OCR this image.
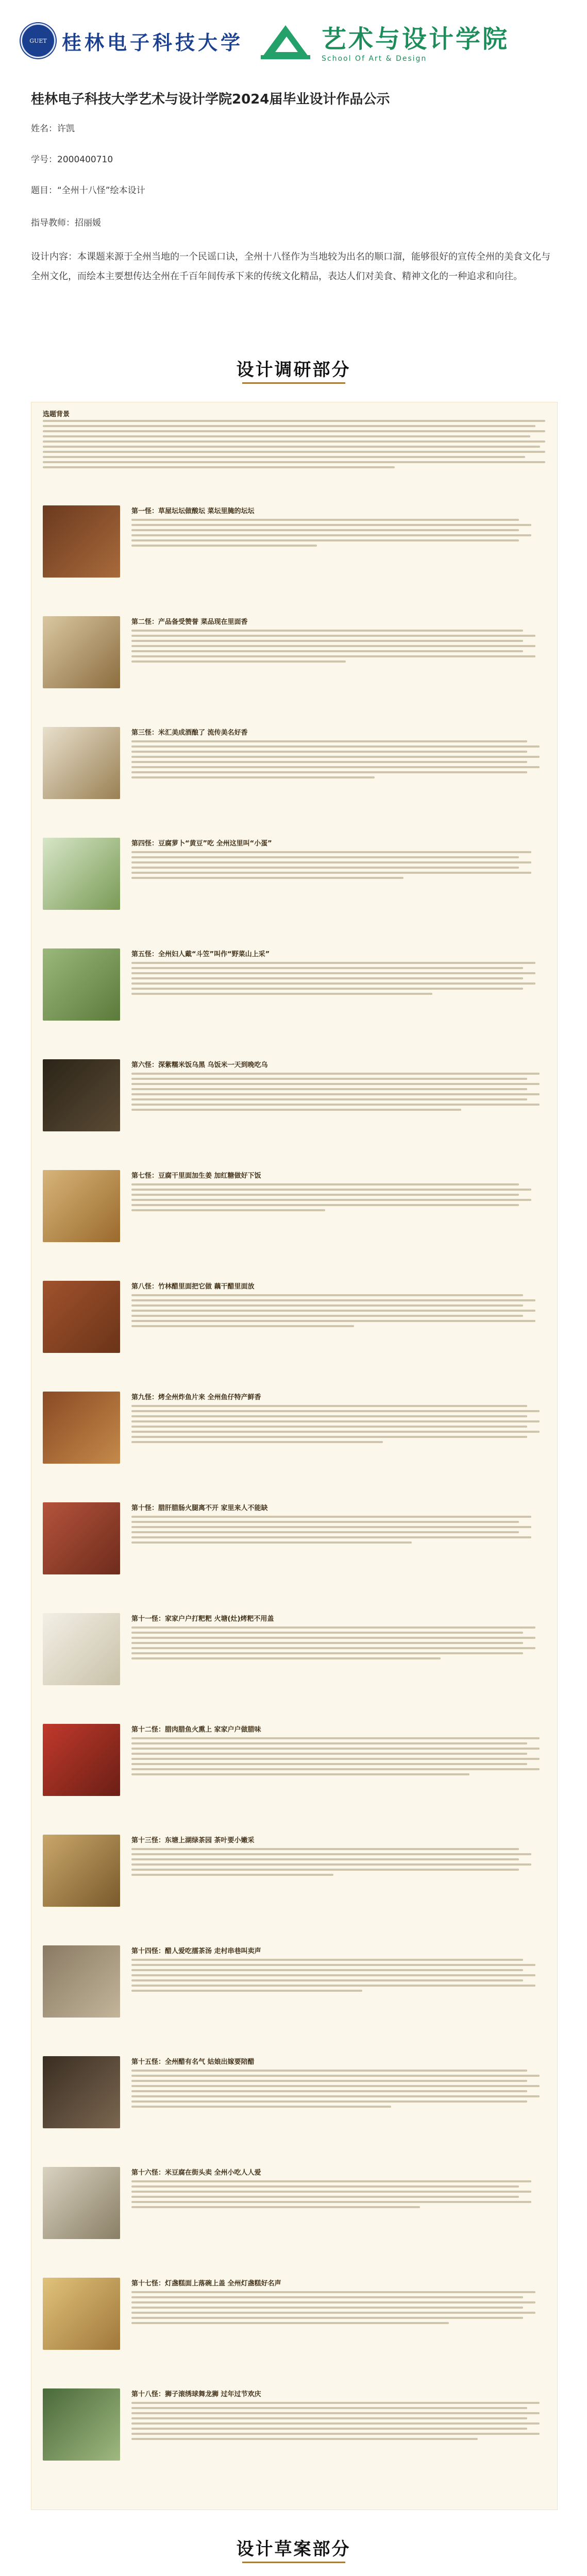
GUET 桂林电子科技大学	艺术与设计学院
School Of Art & Design
桂林电子科技大学艺术与设计学院2024届毕业设计作品公示
姓名：许凯
学号：2000400710
题目：“全州十八怪”绘本设计
指导教师：招丽媛
设计内容：本课题来源于全州当地的一个民谣口诀，全州十八怪作为当地较为出名的顺口溜，能够很好的宣传全州的美食文化与全州文化，而绘本主要想传达全州在千百年间传承下来的传统文化精品，表达人们对美食、精神文化的一种追求和向往。
设计调研部分
选题背景
第一怪：草屋坛坛做酸坛 菜坛里腌的坛坛
第二怪：产品备受赞誉 菜品现在里面香
第三怪：米汇美成酒酿了 流传美名好香
第四怪：豆腐萝卜“黄豆”吃 全州这里叫“小蛋”
第五怪：全州妇人戴“斗笠”叫作“野菜山上采”
第六怪：深紫糯米饭乌黑 乌饭米一天到晚吃乌
第七怪：豆腐干里面加生姜 加红糖做好下饭
第八怪：竹林醋里面把它做 藕干醋里面放
第九怪：烤全州炸鱼片来 全州鱼仔特产鲜香
第十怪：腊肝腊肠火腿离不开 家里来人不能缺
第十一怪：家家户户打粑粑 火塘(灶)烤粑不用盖
第十二怪：腊肉腊鱼火熏上 家家户户做腊味
第十三怪：东塘上湖绿茶园 茶叶要小嫩采
第十四怪：醋人爱吃擂茶汤 走村串巷叫卖声
第十五怪：全州醋有名气 姑娘出嫁要陪醋
第十六怪：米豆腐在街头卖 全州小吃人人爱
第十七怪：灯盏糕面上落碗上盖 全州灯盏糕好名声
第十八怪：狮子滚绣球舞龙狮 过年过节欢庆
设计草案部分
